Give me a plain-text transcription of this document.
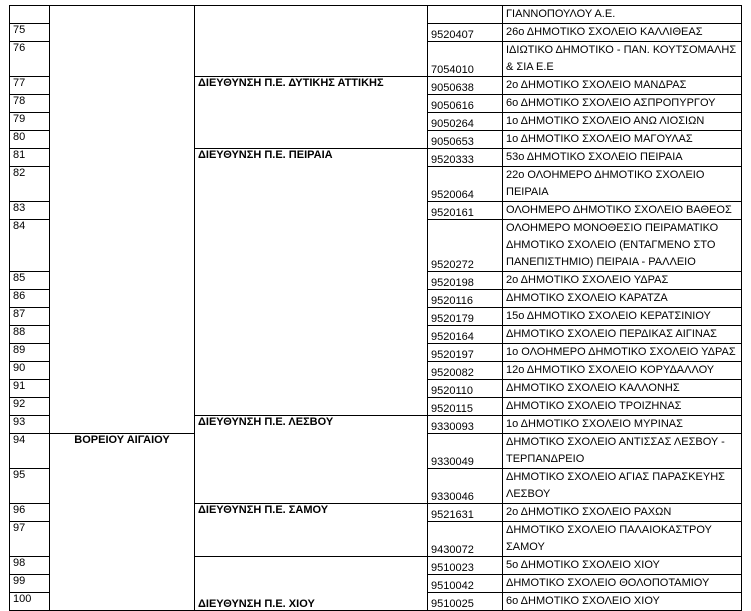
				ΓΙΑΝΝΟΠΟΥΛΟΥ Α.Ε.

75			9520407	26ο ΔΗΜΟΤΙΚΟ ΣΧΟΛΕΙΟ ΚΑΛΛΙΘΕΑΣ

76			7054010	ΙΔΙΩΤΙΚΟ ΔΗΜΟΤΙΚΟ - ΠΑΝ. ΚΟΥΤΣΟΜΑΛΗΣ
& ΣΙΑ Ε.Ε

77		ΔΙΕΥΘΥΝΣΗ Π.Ε. ΔΥΤΙΚΗΣ ΑΤΤΙΚΗΣ	9050638	2ο ΔΗΜΟΤΙΚΟ ΣΧΟΛΕΙΟ ΜΑΝΔΡΑΣ

78			9050616	6ο ΔΗΜΟΤΙΚΟ ΣΧΟΛΕΙΟ ΑΣΠΡΟΠΥΡΓΟΥ

79			9050264	1ο ΔΗΜΟΤΙΚΟ ΣΧΟΛΕΙΟ ΑΝΩ ΛΙΟΣΙΩΝ

80			9050653	1ο ΔΗΜΟΤΙΚΟ ΣΧΟΛΕΙΟ ΜΑΓΟΥΛΑΣ

81		ΔΙΕΥΘΥΝΣΗ Π.Ε. ΠΕΙΡΑΙΑ	9520333	53ο ΔΗΜΟΤΙΚΟ ΣΧΟΛΕΙΟ ΠΕΙΡΑΙΑ

82			9520064	22ο ΟΛΟΗΜΕΡΟ ΔΗΜΟΤΙΚΟ ΣΧΟΛΕΙΟ
ΠΕΙΡΑΙΑ

83			9520161	ΟΛΟΗΜΕΡΟ ΔΗΜΟΤΙΚΟ ΣΧΟΛΕΙΟ ΒΑΘΕΟΣ

84			9520272	ΟΛΟΗΜΕΡΟ ΜΟΝΟΘΕΣΙΟ ΠΕΙΡΑΜΑΤΙΚΟ
ΔΗΜΟΤΙΚΟ ΣΧΟΛΕΙΟ (ΕΝΤΑΓΜΕΝΟ ΣΤΟ
ΠΑΝΕΠΙΣΤΗΜΙΟ) ΠΕΙΡΑΙΑ - ΡΑΛΛΕΙΟ

85			9520198	2ο ΔΗΜΟΤΙΚΟ ΣΧΟΛΕΙΟ ΥΔΡΑΣ

86			9520116	ΔΗΜΟΤΙΚΟ ΣΧΟΛΕΙΟ ΚΑΡΑΤΖΑ

87			9520179	15ο ΔΗΜΟΤΙΚΟ ΣΧΟΛΕΙΟ ΚΕΡΑΤΣΙΝΙΟΥ

88			9520164	ΔΗΜΟΤΙΚΟ ΣΧΟΛΕΙΟ ΠΕΡΔΙΚΑΣ ΑΙΓΙΝΑΣ

89			9520197	1ο ΟΛΟΗΜΕΡΟ ΔΗΜΟΤΙΚΟ ΣΧΟΛΕΙΟ ΥΔΡΑΣ

90			9520082	12ο ΔΗΜΟΤΙΚΟ ΣΧΟΛΕΙΟ ΚΟΡΥΔΑΛΛΟΥ

91			9520110	ΔΗΜΟΤΙΚΟ ΣΧΟΛΕΙΟ ΚΑΛΛΟΝΗΣ

92			9520115	ΔΗΜΟΤΙΚΟ ΣΧΟΛΕΙΟ ΤΡΟΙΖΗΝΑΣ

93		ΔΙΕΥΘΥΝΣΗ Π.Ε. ΛΕΣΒΟΥ	9330093	1ο ΔΗΜΟΤΙΚΟ ΣΧΟΛΕΙΟ ΜΥΡΙΝΑΣ

94	ΒΟΡΕΙΟΥ ΑΙΓΑΙΟΥ		9330049	ΔΗΜΟΤΙΚΟ ΣΧΟΛΕΙΟ ΑΝΤΙΣΣΑΣ ΛΕΣΒΟΥ -
ΤΕΡΠΑΝΔΡΕΙΟ

95			9330046	ΔΗΜΟΤΙΚΟ ΣΧΟΛΕΙΟ ΑΓΙΑΣ ΠΑΡΑΣΚΕΥΗΣ
ΛΕΣΒΟΥ

96		ΔΙΕΥΘΥΝΣΗ Π.Ε. ΣΑΜΟΥ	9521631	2ο ΔΗΜΟΤΙΚΟ ΣΧΟΛΕΙΟ ΡΑΧΩΝ

97			9430072	ΔΗΜΟΤΙΚΟ ΣΧΟΛΕΙΟ ΠΑΛΑΙΟΚΑΣΤΡΟΥ
ΣΑΜΟΥ

98		ΔΙΕΥΘΥΝΣΗ Π.Ε. ΧΙΟΥ	9510023	5ο ΔΗΜΟΤΙΚΟ ΣΧΟΛΕΙΟ ΧΙΟΥ

99			9510042	ΔΗΜΟΤΙΚΟ ΣΧΟΛΕΙΟ ΘΟΛΟΠΟΤΑΜΙΟΥ

100			9510025	6ο ΔΗΜΟΤΙΚΟ ΣΧΟΛΕΙΟ ΧΙΟΥ
